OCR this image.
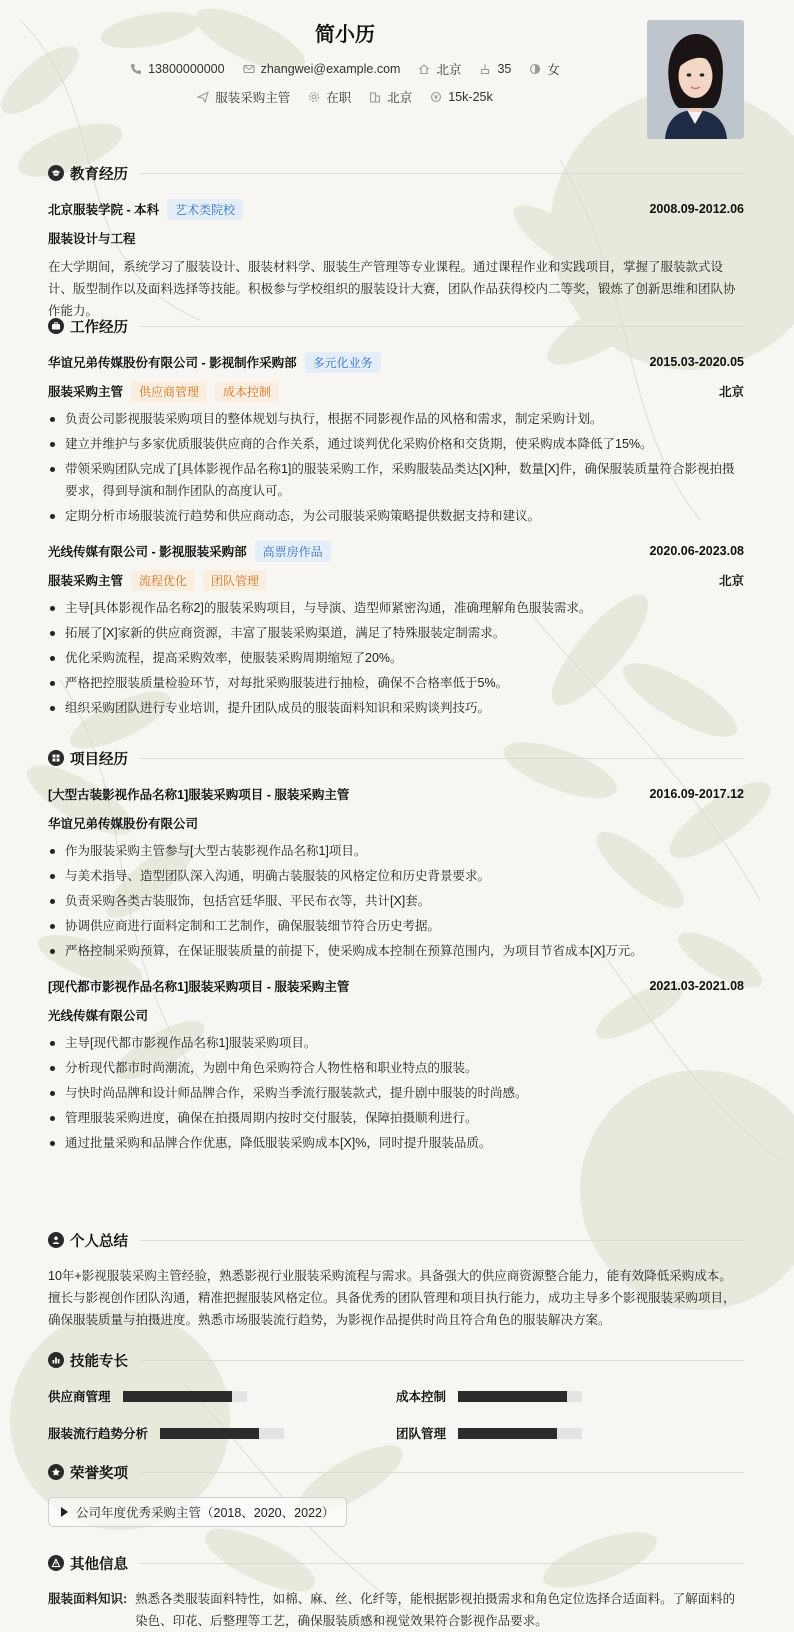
简小历
13800000000	zhangwei@example.com	北京	35	女
服装采购主管	在职	北京	15k-25k
教育经历
北京服装学院 - 本科 艺术类院校	2008.09-2012.06
服装设计与工程
在大学期间，系统学习了服装设计、服装材料学、服装生产管理等专业课程。通过课程作业和实践项目，掌握了服装款式设计、版型制作以及面料选择等技能。积极参与学校组织的服装设计大赛，团队作品获得校内二等奖，锻炼了创新思维和团队协作能力。
工作经历
华谊兄弟传媒股份有限公司 - 影视制作采购部 多元化业务	2015.03-2020.05
服装采购主管 供应商管理 成本控制	北京
负责公司影视服装采购项目的整体规划与执行，根据不同影视作品的风格和需求，制定采购计划。
建立并维护与多家优质服装供应商的合作关系，通过谈判优化采购价格和交货期，使采购成本降低了15%。
带领采购团队完成了[具体影视作品名称1]的服装采购工作，采购服装品类达[X]种，数量[X]件，确保服装质量符合影视拍摄要求，得到导演和制作团队的高度认可。
定期分析市场服装流行趋势和供应商动态，为公司服装采购策略提供数据支持和建议。
光线传媒有限公司 - 影视服装采购部 高票房作品	2020.06-2023.08
服装采购主管 流程优化 团队管理	北京
主导[具体影视作品名称2]的服装采购项目，与导演、造型师紧密沟通，准确理解角色服装需求。
拓展了[X]家新的供应商资源，丰富了服装采购渠道，满足了特殊服装定制需求。
优化采购流程，提高采购效率，使服装采购周期缩短了20%。
严格把控服装质量检验环节，对每批采购服装进行抽检，确保不合格率低于5%。
组织采购团队进行专业培训，提升团队成员的服装面料知识和采购谈判技巧。
项目经历
[大型古装影视作品名称1]服装采购项目 - 服装采购主管	2016.09-2017.12
华谊兄弟传媒股份有限公司
作为服装采购主管参与[大型古装影视作品名称1]项目。
与美术指导、造型团队深入沟通，明确古装服装的风格定位和历史背景要求。
负责采购各类古装服饰，包括宫廷华服、平民布衣等，共计[X]套。
协调供应商进行面料定制和工艺制作，确保服装细节符合历史考据。
严格控制采购预算，在保证服装质量的前提下，使采购成本控制在预算范围内，为项目节省成本[X]万元。
[现代都市影视作品名称1]服装采购项目 - 服装采购主管	2021.03-2021.08
光线传媒有限公司
主导[现代都市影视作品名称1]服装采购项目。
分析现代都市时尚潮流，为剧中角色采购符合人物性格和职业特点的服装。
与快时尚品牌和设计师品牌合作，采购当季流行服装款式，提升剧中服装的时尚感。
管理服装采购进度，确保在拍摄周期内按时交付服装，保障拍摄顺利进行。
通过批量采购和品牌合作优惠，降低服装采购成本[X]%，同时提升服装品质。
个人总结
10年+影视服装采购主管经验，熟悉影视行业服装采购流程与需求。具备强大的供应商资源整合能力，能有效降低采购成本。擅长与影视创作团队沟通，精准把握服装风格定位。具备优秀的团队管理和项目执行能力，成功主导多个影视服装采购项目，确保服装质量与拍摄进度。熟悉市场服装流行趋势，为影视作品提供时尚且符合角色的服装解决方案。
技能专长
供应商管理	成本控制
服装流行趋势分析	团队管理
荣誉奖项
公司年度优秀采购主管（2018、2020、2022）
其他信息
服装面料知识: 熟悉各类服装面料特性，如棉、麻、丝、化纤等，能根据影视拍摄需求和角色定位选择合适面料。了解面料的染色、印花、后整理等工艺，确保服装质感和视觉效果符合影视作品要求。
